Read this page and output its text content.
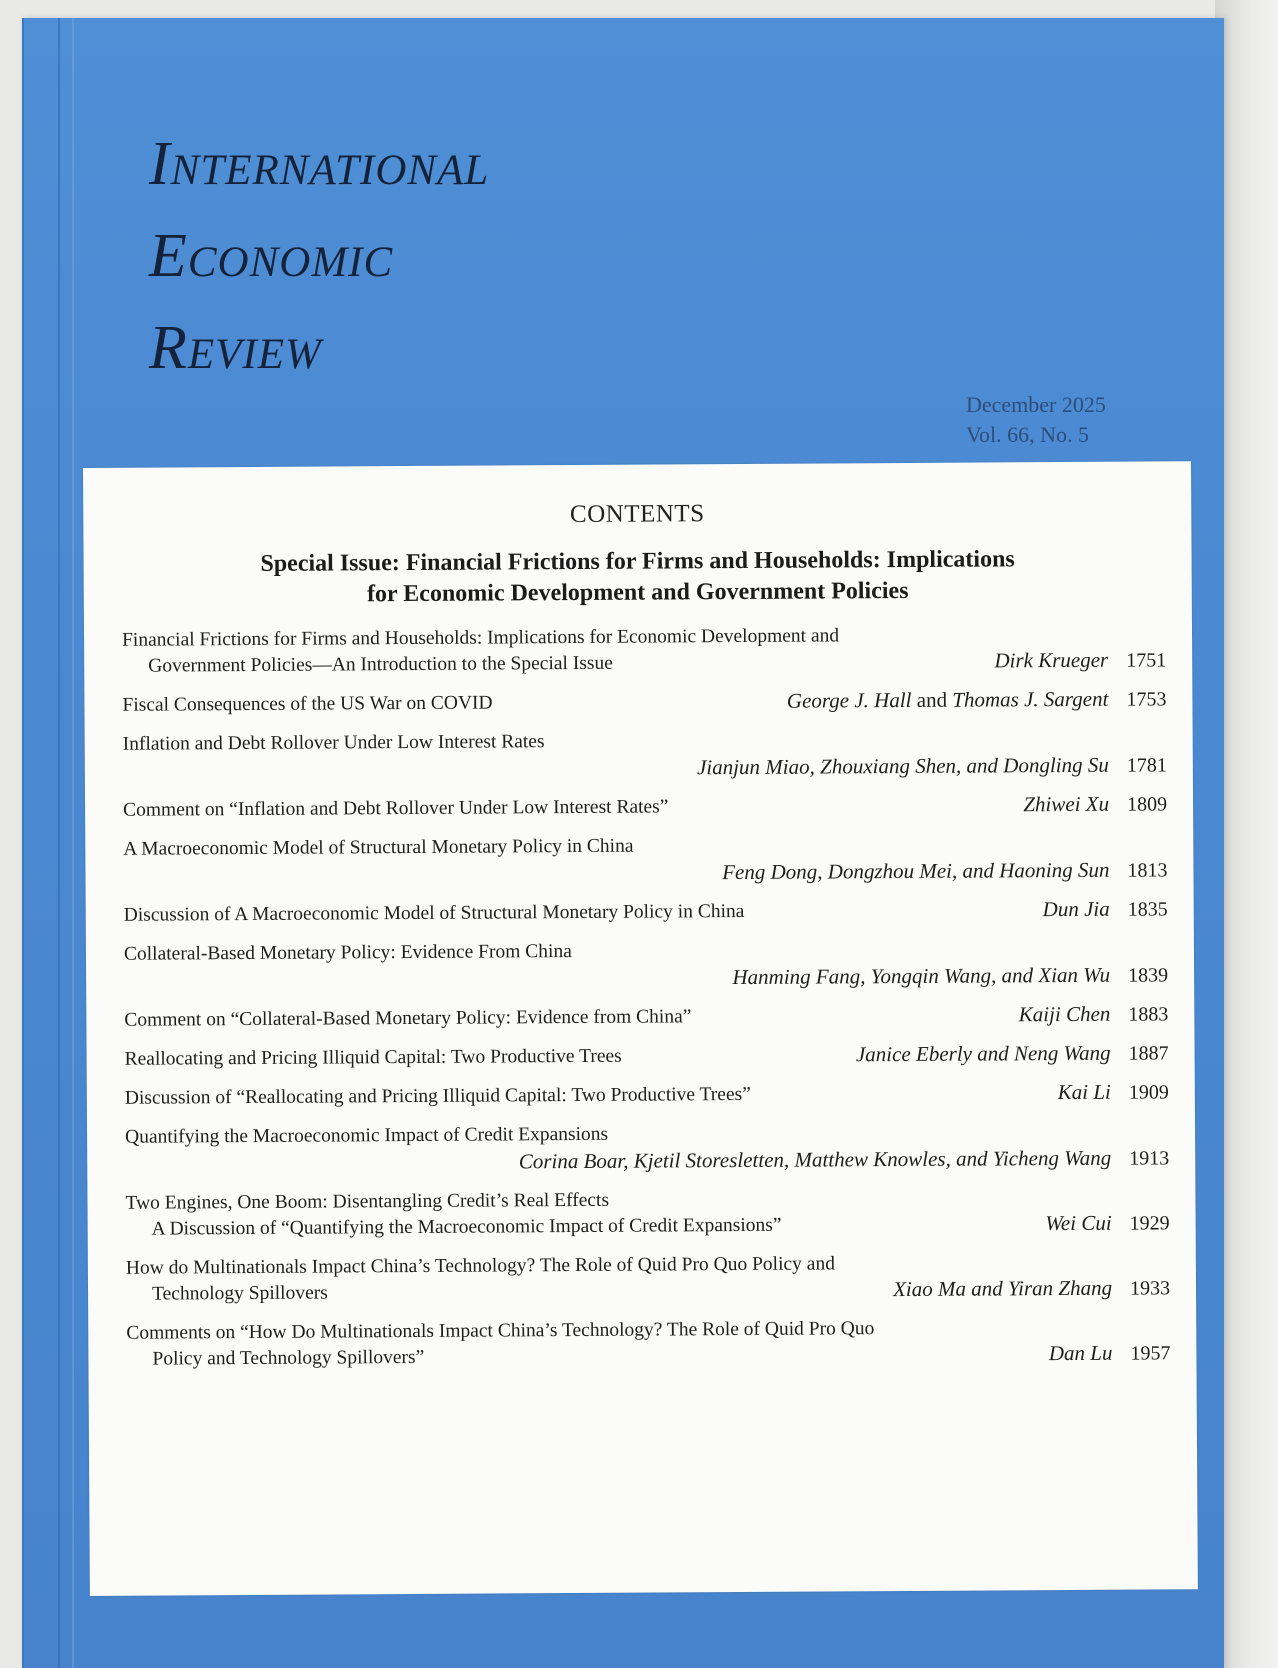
International
Economic
Review
December 2025
Vol. 66, No. 5
CONTENTS
Special Issue: Financial Frictions for Firms and Households: Implications
for Economic Development and Government Policies
Financial Frictions for Firms and Households: Implications for Economic Development and
Government Policies—An Introduction to the Special Issue	Dirk Krueger 1751
Fiscal Consequences of the US War on COVID	George J. Hall and Thomas J. Sargent 1753
Inflation and Debt Rollover Under Low Interest Rates
Jianjun Miao, Zhouxiang Shen, and Dongling Su 1781
Comment on “Inflation and Debt Rollover Under Low Interest Rates”	Zhiwei Xu 1809
A Macroeconomic Model of Structural Monetary Policy in China
Feng Dong, Dongzhou Mei, and Haoning Sun 1813
Discussion of A Macroeconomic Model of Structural Monetary Policy in China	Dun Jia 1835
Collateral-Based Monetary Policy: Evidence From China
Hanming Fang, Yongqin Wang, and Xian Wu 1839
Comment on “Collateral-Based Monetary Policy: Evidence from China”	Kaiji Chen 1883
Reallocating and Pricing Illiquid Capital: Two Productive Trees	Janice Eberly and Neng Wang 1887
Discussion of “Reallocating and Pricing Illiquid Capital: Two Productive Trees”	Kai Li 1909
Quantifying the Macroeconomic Impact of Credit Expansions
Corina Boar, Kjetil Storesletten, Matthew Knowles, and Yicheng Wang 1913
Two Engines, One Boom: Disentangling Credit’s Real Effects
A Discussion of “Quantifying the Macroeconomic Impact of Credit Expansions”	Wei Cui 1929
How do Multinationals Impact China’s Technology? The Role of Quid Pro Quo Policy and
Technology Spillovers	Xiao Ma and Yiran Zhang 1933
Comments on “How Do Multinationals Impact China’s Technology? The Role of Quid Pro Quo
Policy and Technology Spillovers”	Dan Lu 1957
